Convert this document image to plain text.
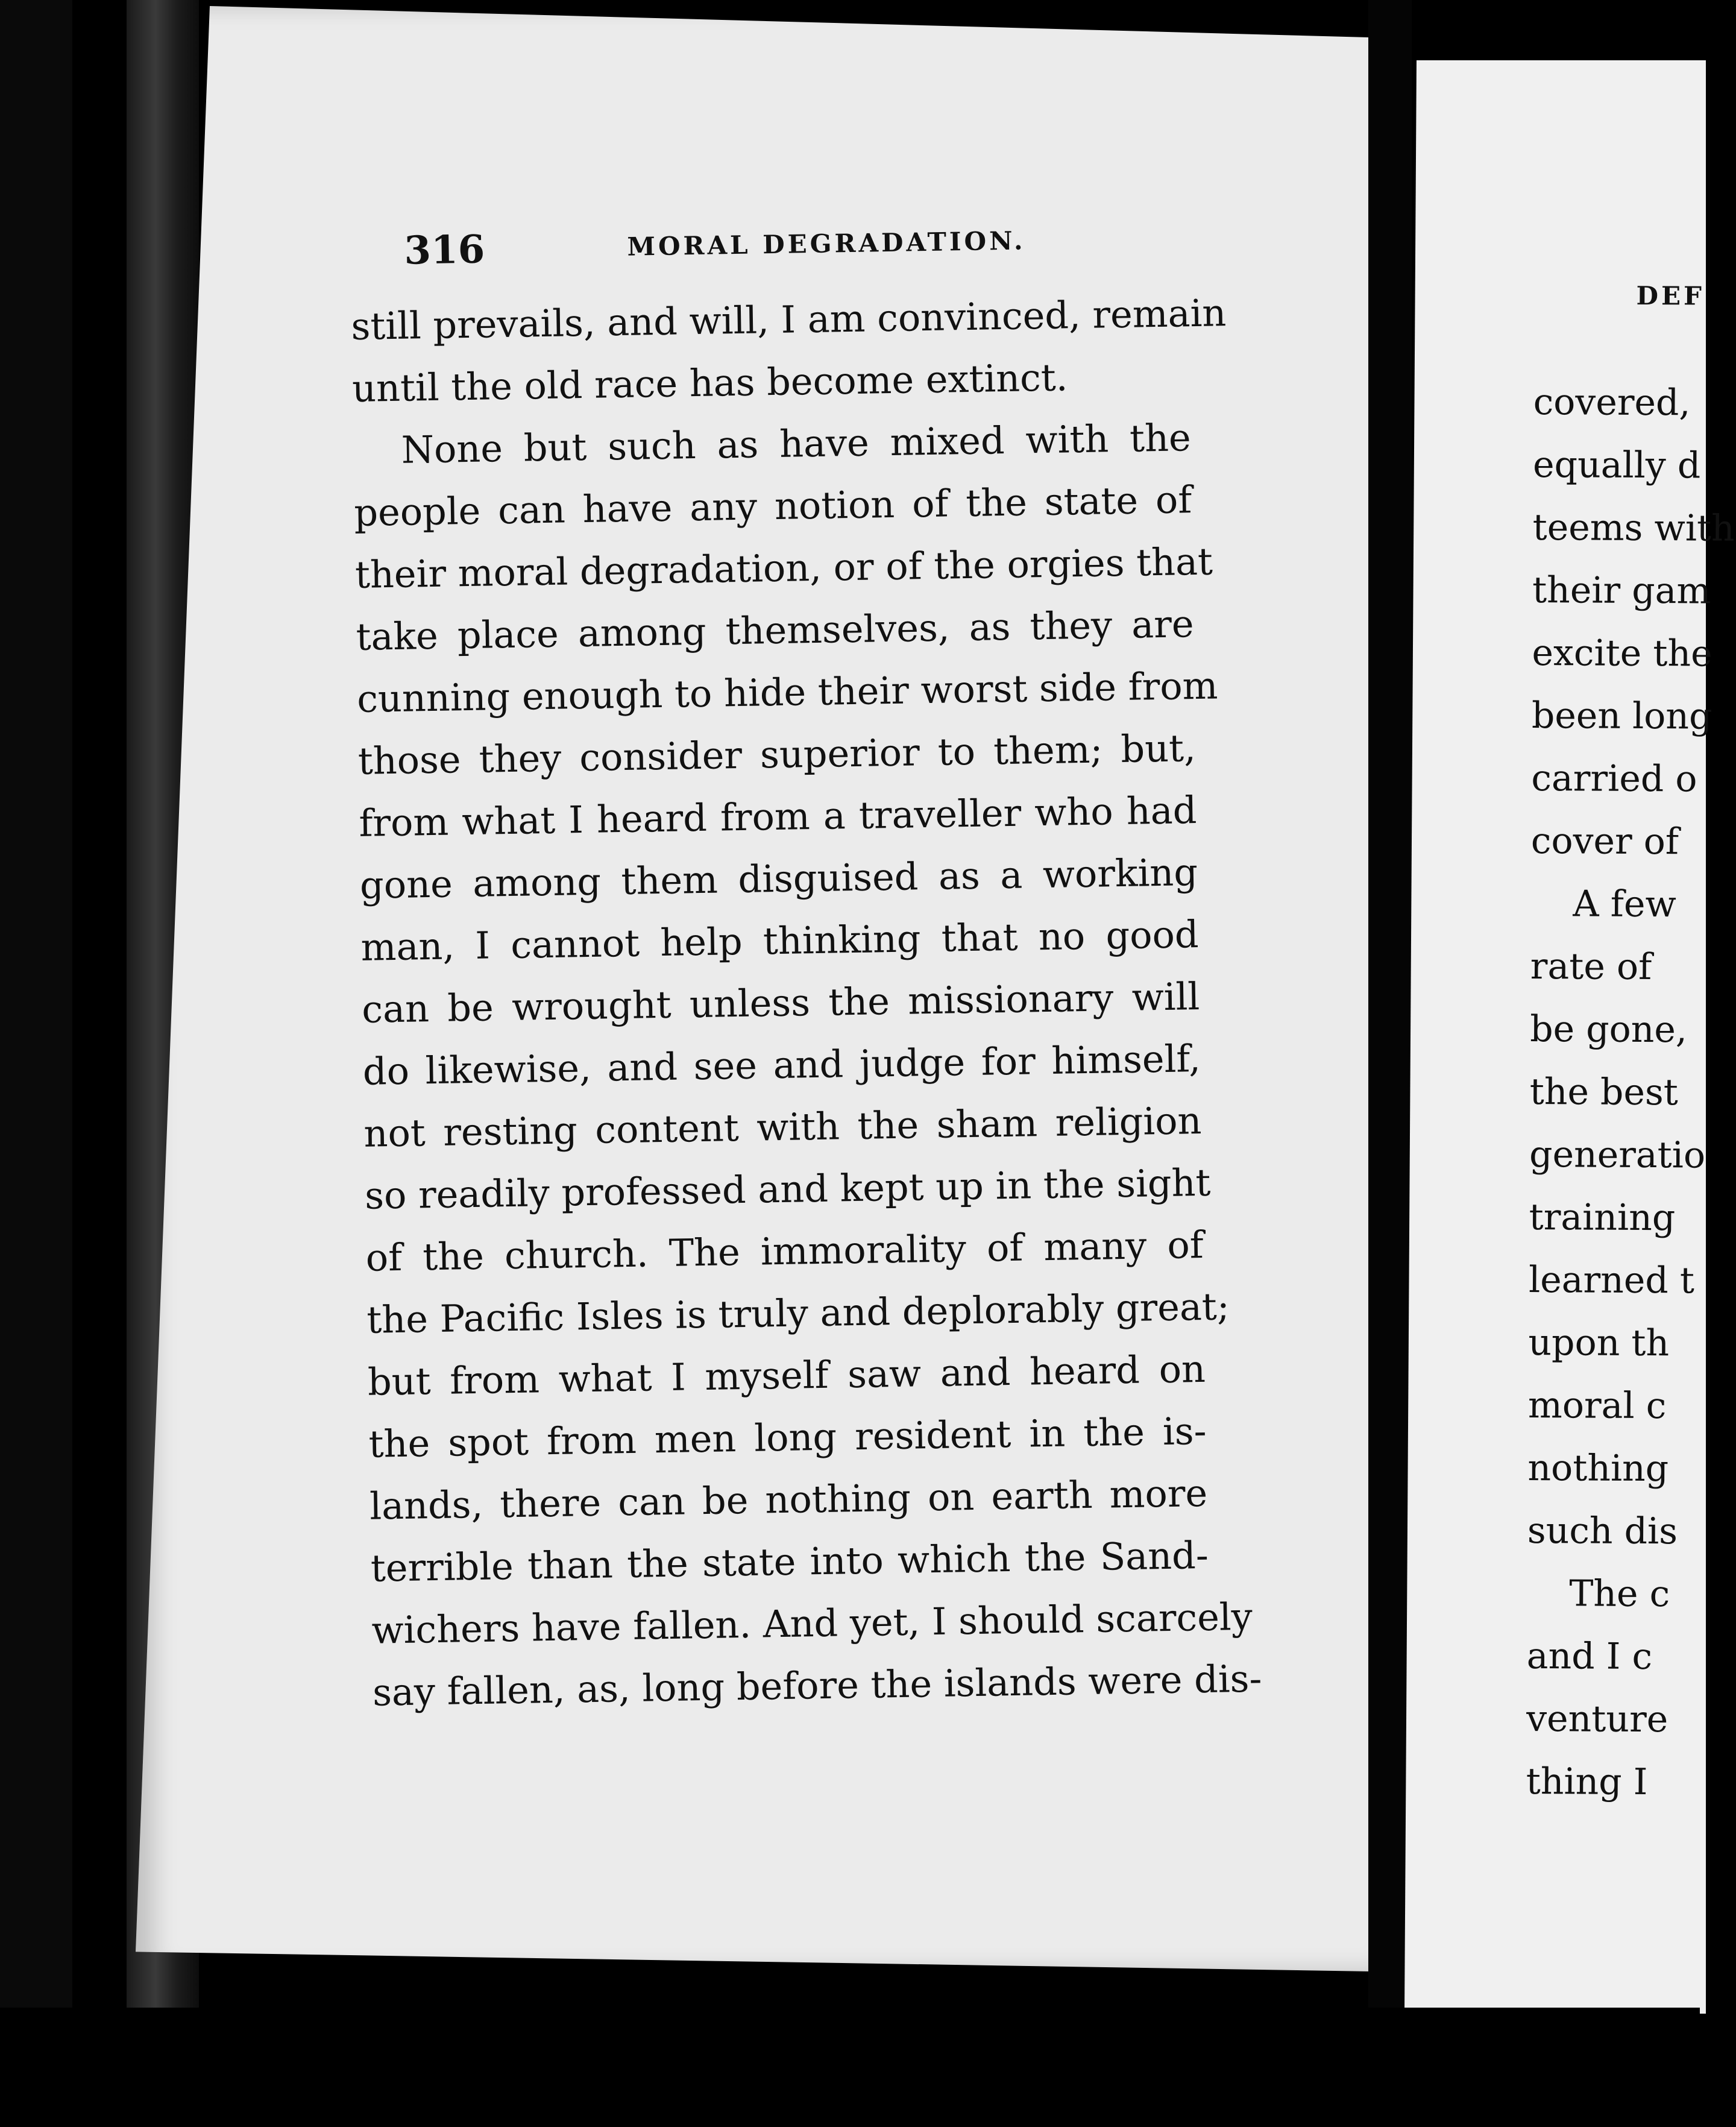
316	MORAL DEGRADATION.
still prevails, and will, I am convinced, remain
until the old race has become extinct.
None but such as have mixed with the
people can have any notion of the state of
their moral degradation, or of the orgies that
take place among themselves, as they are
cunning enough to hide their worst side from
those they consider superior to them; but,
from what I heard from a traveller who had
gone among them disguised as a working
man, I cannot help thinking that no good
can be wrought unless the missionary will
do likewise, and see and judge for himself,
not resting content with the sham religion
so readily professed and kept up in the sight
of the church. The immorality of many of
the Pacific Isles is truly and deplorably great;
but from what I myself saw and heard on
the spot from men long resident in the is-
lands, there can be nothing on earth more
terrible than the state into which the Sand-
wichers have fallen. And yet, I should scarcely
say fallen, as, long before the islands were dis-
DEF
covered,
equally d
teems with
their gam
excite the
been long
carried o
cover of
A few
rate of
be gone,
the best
generatio
training
learned t
upon th
moral c
nothing
such dis
The c
and I c
venture
thing I
